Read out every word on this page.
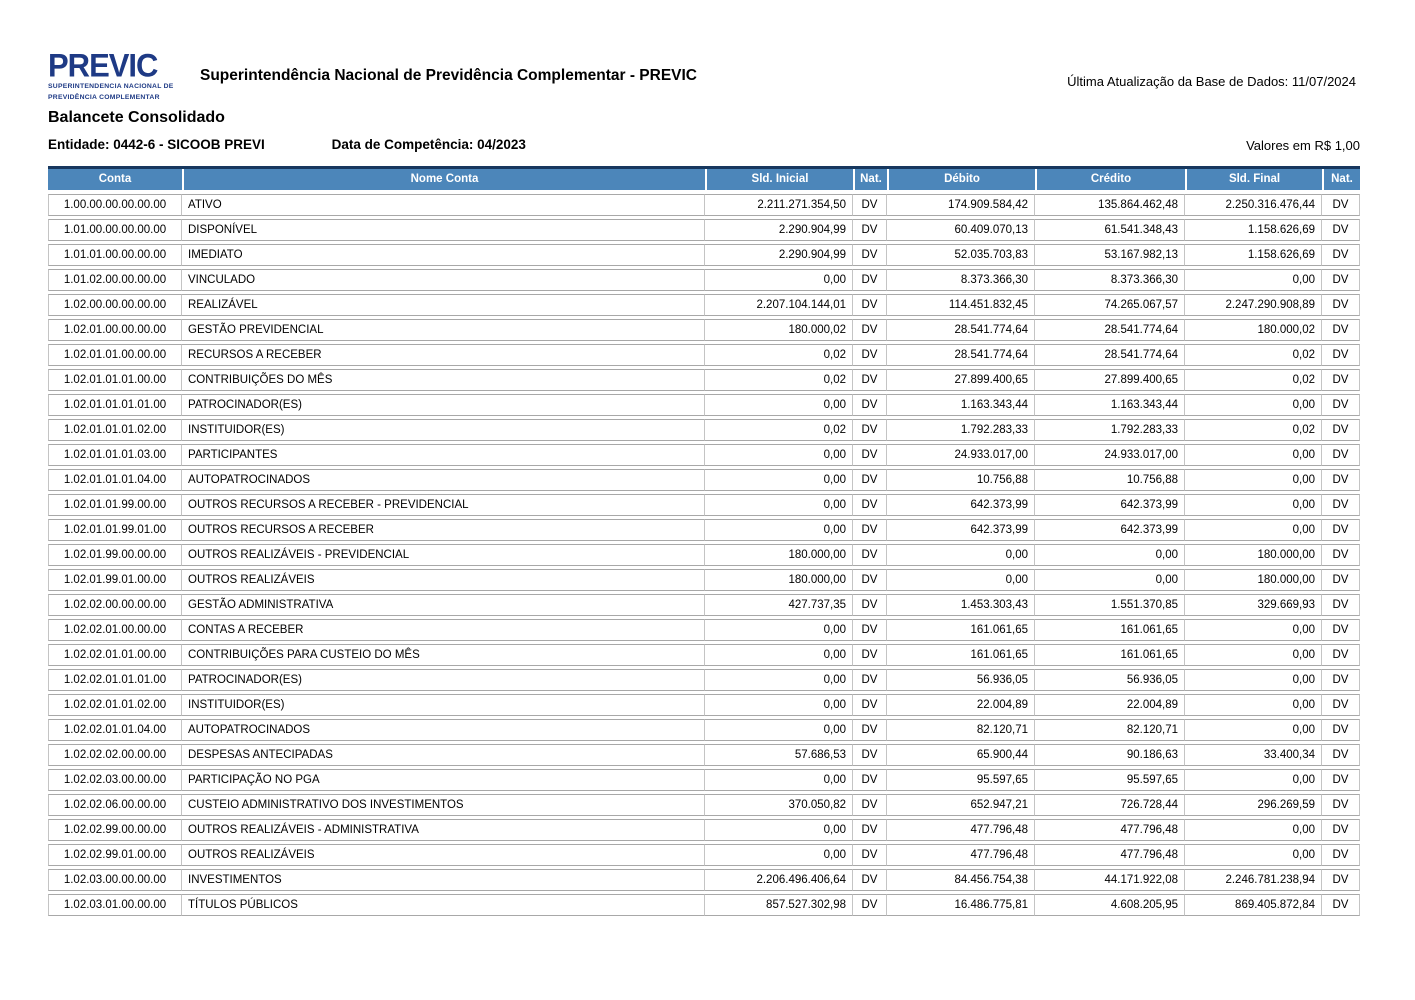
PREVIC
SUPERINTENDENCIA NACIONAL DE
PREVIDÊNCIA COMPLEMENTAR
Superintendência Nacional de Previdência Complementar - PREVIC	Última Atualização da Base de Dados: 11/07/2024
Balancete Consolidado
Entidade: 0442-6 - SICOOB PREVI	Data de Competência: 04/2023	Valores em R$ 1,00
Conta	Nome Conta	Sld. Inicial	Nat.	Débito	Crédito	Sld. Final	Nat.
1.00.00.00.00.00.00	ATIVO	2.211.271.354,50	DV	174.909.584,42	135.864.462,48	2.250.316.476,44	DV
1.01.00.00.00.00.00	DISPONÍVEL	2.290.904,99	DV	60.409.070,13	61.541.348,43	1.158.626,69	DV
1.01.01.00.00.00.00	IMEDIATO	2.290.904,99	DV	52.035.703,83	53.167.982,13	1.158.626,69	DV
1.01.02.00.00.00.00	VINCULADO	0,00	DV	8.373.366,30	8.373.366,30	0,00	DV
1.02.00.00.00.00.00	REALIZÁVEL	2.207.104.144,01	DV	114.451.832,45	74.265.067,57	2.247.290.908,89	DV
1.02.01.00.00.00.00	GESTÃO PREVIDENCIAL	180.000,02	DV	28.541.774,64	28.541.774,64	180.000,02	DV
1.02.01.01.00.00.00	RECURSOS A RECEBER	0,02	DV	28.541.774,64	28.541.774,64	0,02	DV
1.02.01.01.01.00.00	CONTRIBUIÇÕES DO MÊS	0,02	DV	27.899.400,65	27.899.400,65	0,02	DV
1.02.01.01.01.01.00	PATROCINADOR(ES)	0,00	DV	1.163.343,44	1.163.343,44	0,00	DV
1.02.01.01.01.02.00	INSTITUIDOR(ES)	0,02	DV	1.792.283,33	1.792.283,33	0,02	DV
1.02.01.01.01.03.00	PARTICIPANTES	0,00	DV	24.933.017,00	24.933.017,00	0,00	DV
1.02.01.01.01.04.00	AUTOPATROCINADOS	0,00	DV	10.756,88	10.756,88	0,00	DV
1.02.01.01.99.00.00	OUTROS RECURSOS A RECEBER - PREVIDENCIAL	0,00	DV	642.373,99	642.373,99	0,00	DV
1.02.01.01.99.01.00	OUTROS RECURSOS A RECEBER	0,00	DV	642.373,99	642.373,99	0,00	DV
1.02.01.99.00.00.00	OUTROS REALIZÁVEIS - PREVIDENCIAL	180.000,00	DV	0,00	0,00	180.000,00	DV
1.02.01.99.01.00.00	OUTROS REALIZÁVEIS	180.000,00	DV	0,00	0,00	180.000,00	DV
1.02.02.00.00.00.00	GESTÃO ADMINISTRATIVA	427.737,35	DV	1.453.303,43	1.551.370,85	329.669,93	DV
1.02.02.01.00.00.00	CONTAS A RECEBER	0,00	DV	161.061,65	161.061,65	0,00	DV
1.02.02.01.01.00.00	CONTRIBUIÇÕES PARA CUSTEIO DO MÊS	0,00	DV	161.061,65	161.061,65	0,00	DV
1.02.02.01.01.01.00	PATROCINADOR(ES)	0,00	DV	56.936,05	56.936,05	0,00	DV
1.02.02.01.01.02.00	INSTITUIDOR(ES)	0,00	DV	22.004,89	22.004,89	0,00	DV
1.02.02.01.01.04.00	AUTOPATROCINADOS	0,00	DV	82.120,71	82.120,71	0,00	DV
1.02.02.02.00.00.00	DESPESAS ANTECIPADAS	57.686,53	DV	65.900,44	90.186,63	33.400,34	DV
1.02.02.03.00.00.00	PARTICIPAÇÃO NO PGA	0,00	DV	95.597,65	95.597,65	0,00	DV
1.02.02.06.00.00.00	CUSTEIO ADMINISTRATIVO DOS INVESTIMENTOS	370.050,82	DV	652.947,21	726.728,44	296.269,59	DV
1.02.02.99.00.00.00	OUTROS REALIZÁVEIS - ADMINISTRATIVA	0,00	DV	477.796,48	477.796,48	0,00	DV
1.02.02.99.01.00.00	OUTROS REALIZÁVEIS	0,00	DV	477.796,48	477.796,48	0,00	DV
1.02.03.00.00.00.00	INVESTIMENTOS	2.206.496.406,64	DV	84.456.754,38	44.171.922,08	2.246.781.238,94	DV
1.02.03.01.00.00.00	TÍTULOS PÚBLICOS	857.527.302,98	DV	16.486.775,81	4.608.205,95	869.405.872,84	DV
